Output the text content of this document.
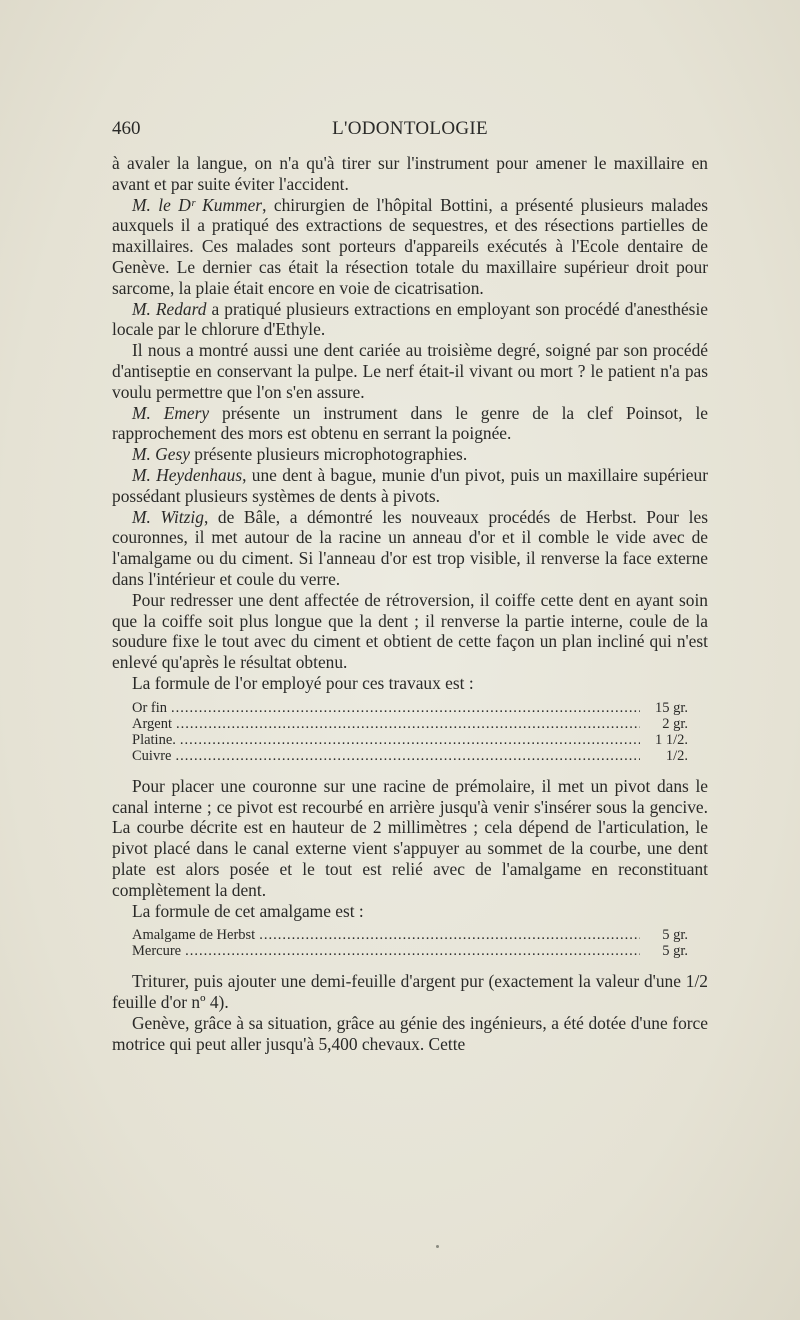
460	L'ODONTOLOGIE

à avaler la langue, on n'a qu'à tirer sur l'instrument pour amener le maxillaire en avant et par suite éviter l'accident.

M. le Dʳ Kummer, chirurgien de l'hôpital Bottini, a présenté plusieurs malades auxquels il a pratiqué des extractions de sequestres, et des résections partielles de maxillaires. Ces malades sont porteurs d'appareils exécutés à l'Ecole dentaire de Genève. Le dernier cas était la résection totale du maxillaire supérieur droit pour sarcome, la plaie était encore en voie de cicatrisation.

M. Redard a pratiqué plusieurs extractions en employant son procédé d'anesthésie locale par le chlorure d'Ethyle.

Il nous a montré aussi une dent cariée au troisième degré, soigné par son procédé d'antiseptie en conservant la pulpe. Le nerf était-il vivant ou mort ? le patient n'a pas voulu permettre que l'on s'en assure.

M. Emery présente un instrument dans le genre de la clef Poinsot, le rapprochement des mors est obtenu en serrant la poignée.

M. Gesy présente plusieurs microphotographies.

M. Heydenhaus, une dent à bague, munie d'un pivot, puis un maxillaire supérieur possédant plusieurs systèmes de dents à pivots.

M. Witzig, de Bâle, a démontré les nouveaux procédés de Herbst. Pour les couronnes, il met autour de la racine un anneau d'or et il comble le vide avec de l'amalgame ou du ciment. Si l'anneau d'or est trop visible, il renverse la face externe dans l'intérieur et coule du verre.

Pour redresser une dent affectée de rétroversion, il coiffe cette dent en ayant soin que la coiffe soit plus longue que la dent ; il renverse la partie interne, coule de la soudure fixe le tout avec du ciment et obtient de cette façon un plan incliné qui n'est enlevé qu'après le résultat obtenu.

La formule de l'or employé pour ces travaux est :

Or fin .....	15 gr.
Argent .....	2 gr.
Platine. .....	1 1/2.
Cuivre .....	1/2.

Pour placer une couronne sur une racine de prémolaire, il met un pivot dans le canal interne ; ce pivot est recourbé en arrière jusqu'à venir s'insérer sous la gencive. La courbe décrite est en hauteur de 2 millimètres ; cela dépend de l'articulation, le pivot placé dans le canal externe vient s'appuyer au sommet de la courbe, une dent plate est alors posée et le tout est relié avec de l'amalgame en reconstituant complètement la dent.

La formule de cet amalgame est :

Amalgame de Herbst .....	5 gr.
Mercure .....	5 gr.

Triturer, puis ajouter une demi-feuille d'argent pur (exactement la valeur d'une 1/2 feuille d'or nº 4).

Genève, grâce à sa situation, grâce au génie des ingénieurs, a été dotée d'une force motrice qui peut aller jusqu'à 5,400 chevaux. Cette
